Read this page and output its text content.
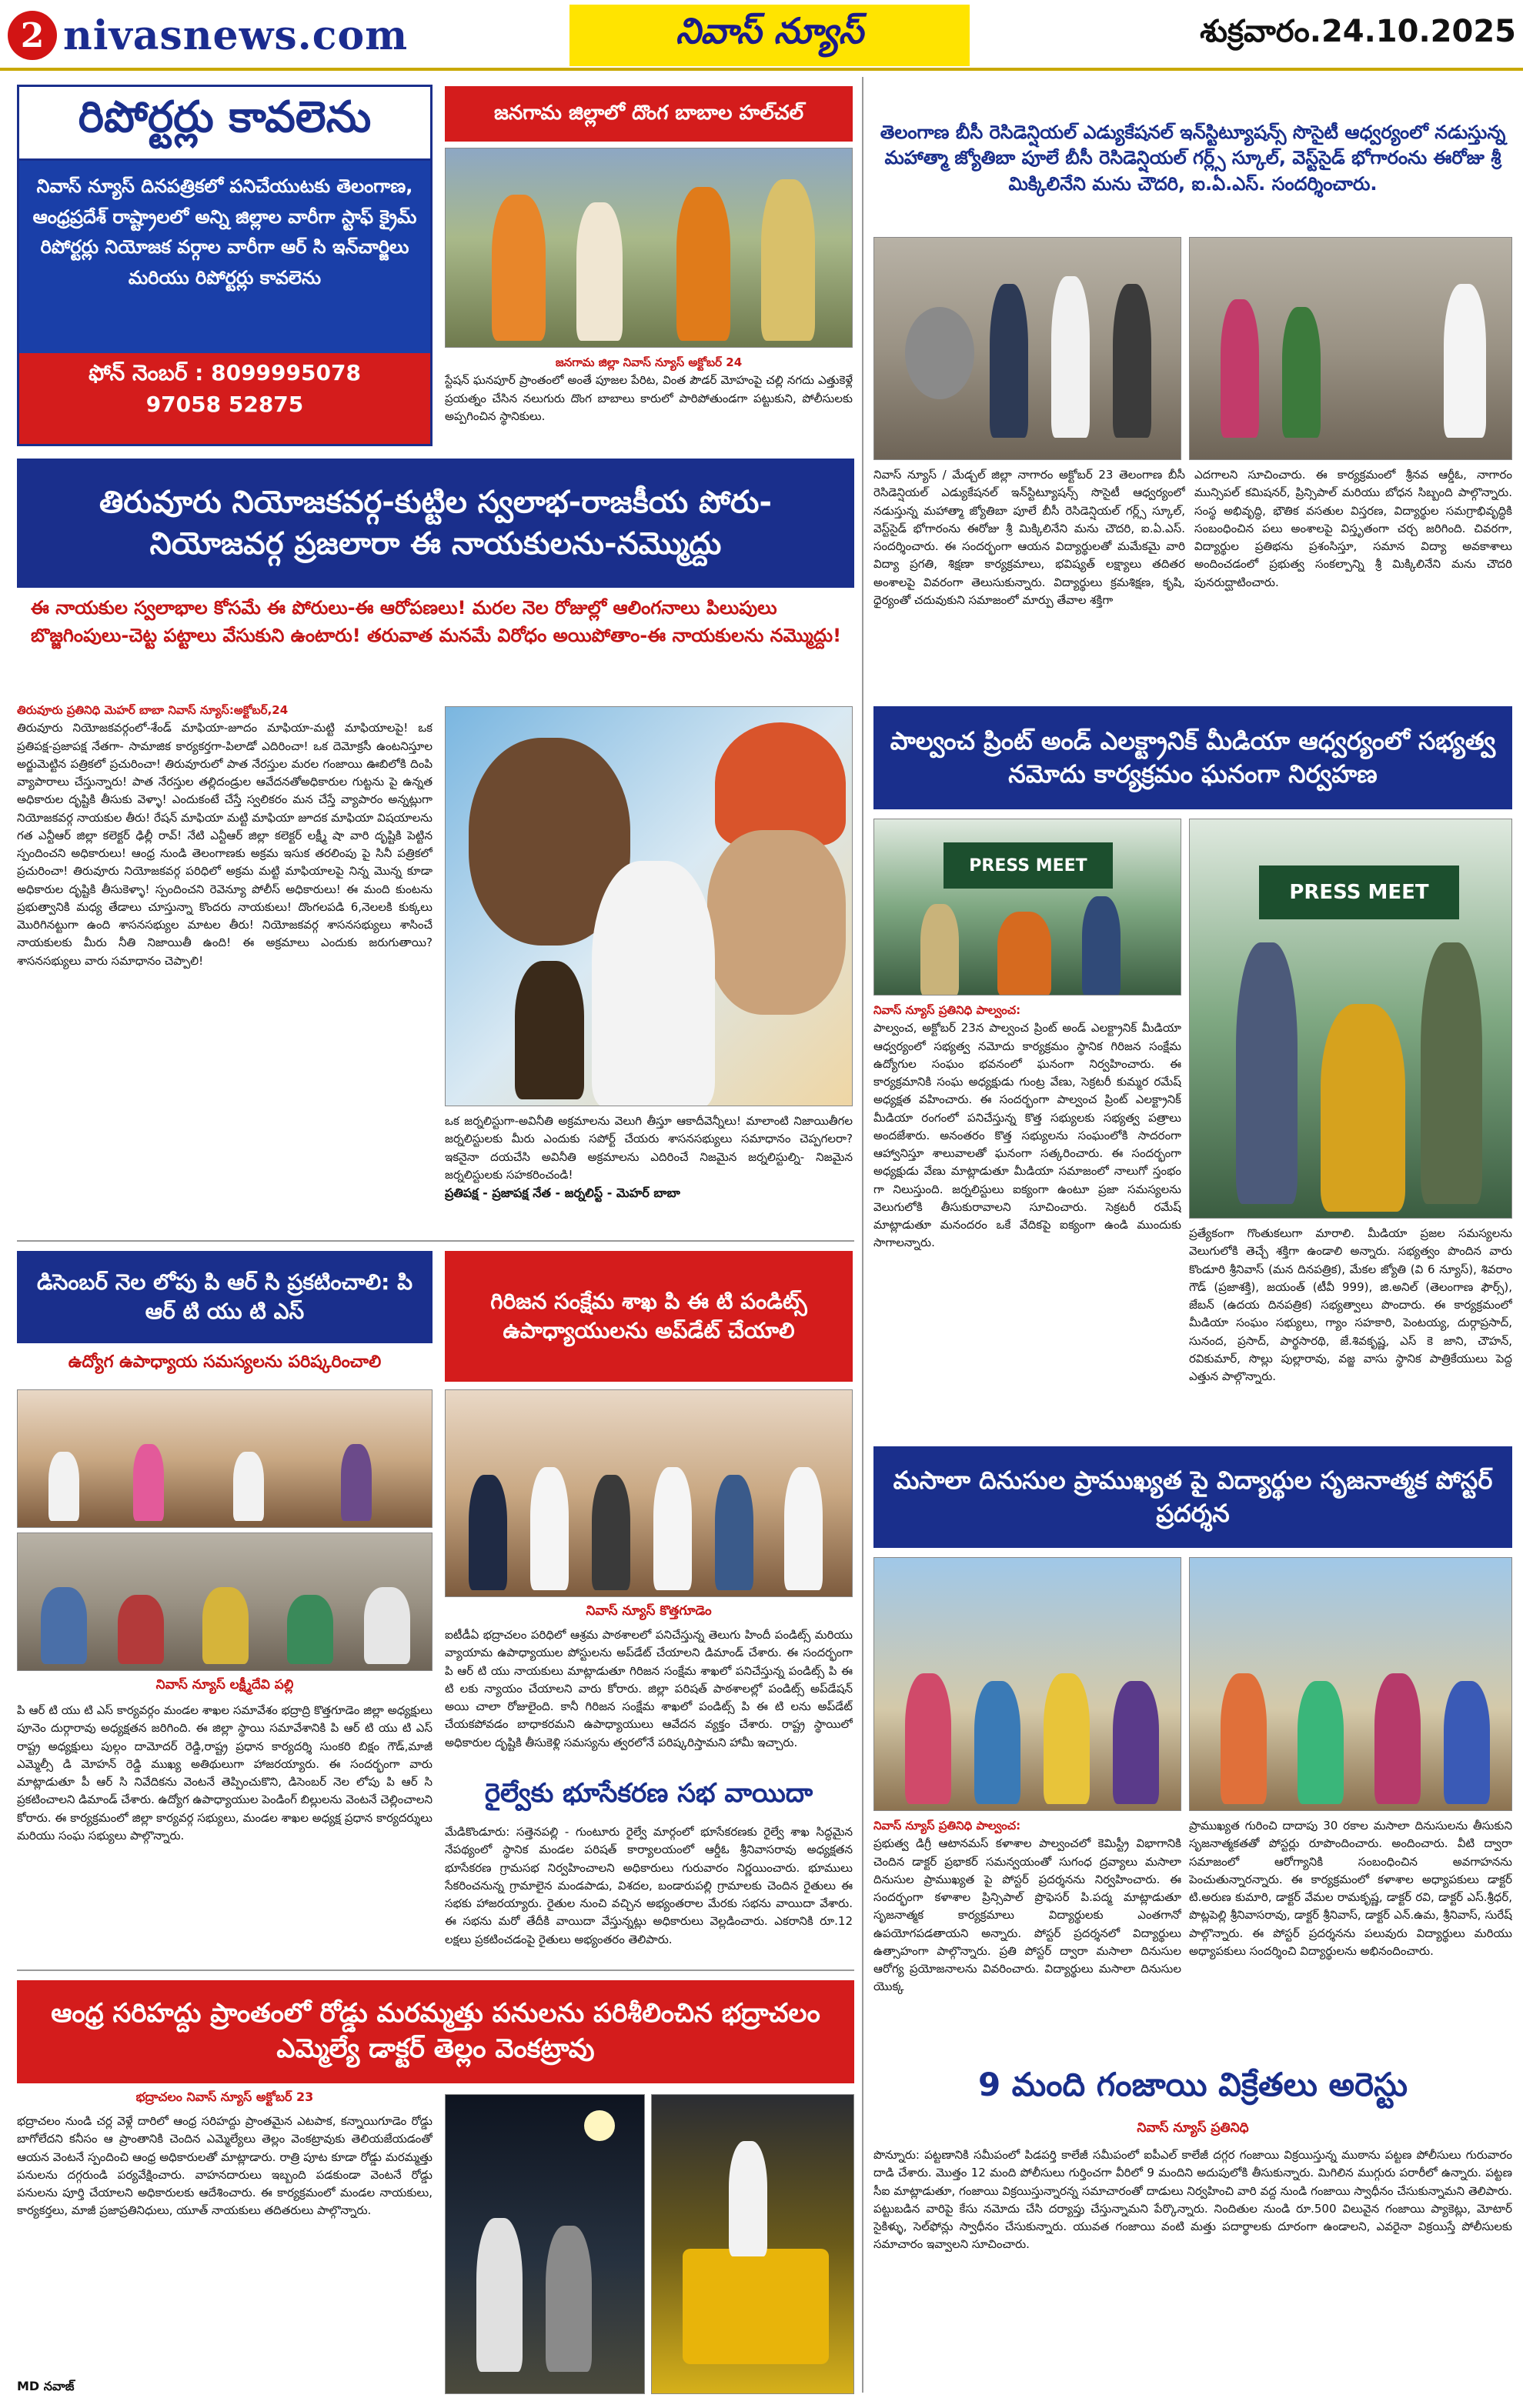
2 nivasnews.com	నివాస్ న్యూస్	శుక్రవారం.24.10.2025
రిపోర్టర్లు కావలెను
నివాస్ న్యూస్ దినపత్రికలో పనిచేయుటకు తెలంగాణ, ఆంధ్రప్రదేశ్ రాష్ట్రాలలో అన్ని జిల్లాల వారీగా స్టాఫ్ క్రైమ్ రిపోర్టర్లు నియోజక వర్గాల వారీగా ఆర్ సి ఇన్‌చార్జిలు మరియు రిపోర్టర్లు కావలెను
ఫోన్ నెంబర్ : 8099995078
97058 52875
జనగామ జిల్లాలో దొంగ బాబాల హల్‌చల్
జనగామ జిల్లా నివాస్ న్యూస్ అక్టోబర్ 24
స్టేషన్ ఘనపూర్ ప్రాంతంలో అంతే పూజల పేరిట, వింత పౌడర్ మోహంపై చల్లి నగదు ఎత్తుకెళ్లే ప్రయత్నం చేసిన నలుగురు దొంగ బాబాలు కారులో పారిపోతుండగా పట్టుకుని, పోలీసులకు అప్పగించిన స్థానికులు.
తెలంగాణ బీసీ రెసిడెన్షియల్ ఎడ్యుకేషనల్ ఇన్‌స్టిట్యూషన్స్ సొసైటీ ఆధ్వర్యంలో నడుస్తున్న మహాత్మా జ్యోతిబా పూలే బీసీ రెసిడెన్షియల్ గర్ల్స్ స్కూల్, వెస్ట్‌సైడ్ భోగారంను ఈరోజు శ్రీ మిక్కిలినేని మను చౌదరి, ఐ.ఏ.ఎస్. సందర్శించారు.
నివాస్ న్యూస్ / మేడ్చల్ జిల్లా నాగారం అక్టోబర్ 23 తెలంగాణ బీసీ రెసిడెన్షియల్ ఎడ్యుకేషనల్ ఇన్‌స్టిట్యూషన్స్ సొసైటీ ఆధ్వర్యంలో నడుస్తున్న మహాత్మా జ్యోతిబా పూలే బీసీ రెసిడెన్షియల్ గర్ల్స్ స్కూల్, వెస్ట్‌సైడ్ భోగారంను ఈరోజు శ్రీ మిక్కిలినేని మను చౌదరి, ఐ.ఏ.ఎస్. సందర్శించారు. ఈ సందర్భంగా ఆయన విద్యార్థులతో మమేకమై వారి విద్యా ప్రగతి, శిక్షణా కార్యక్రమాలు, భవిష్యత్ లక్ష్యాలు తదితర అంశాలపై వివరంగా తెలుసుకున్నారు. విద్యార్థులు క్రమశిక్షణ, కృషి, ధైర్యంతో చదువుకుని సమాజంలో మార్పు తేవాల శక్తిగా
ఎదగాలని సూచించారు. ఈ కార్యక్రమంలో శ్రీనవ ఆర్డీఓ, నాగారం మున్సిపల్ కమిషనర్, ప్రిన్సిపాల్ మరియు బోధన సిబ్బంది పాల్గొన్నారు. సంస్థ అభివృద్ధి, భౌతిక వసతుల విస్తరణ, విద్యార్థుల సమగ్రాభివృద్ధికి సంబంధించిన పలు అంశాలపై విస్తృతంగా చర్చ జరిగింది. చివరగా, విద్యార్థుల ప్రతిభను ప్రశంసిస్తూ, సమాన విద్యా అవకాశాలు అందించడంలో ప్రభుత్వ సంకల్పాన్ని శ్రీ మిక్కిలినేని మను చౌదరి పునరుద్ఘాటించారు.
తిరువూరు నియోజకవర్గ-కుట్టిల స్వలాభ-రాజకీయ పోరు- నియోజవర్గ ప్రజలారా ఈ నాయకులను-నమ్మొద్దు
ఈ నాయకుల స్వలాభాల కోసమే ఈ పోరులు-ఈ ఆరోపణలు! మరల నెల రోజుల్లో ఆలింగనాలు పిలుపులు బొజ్జగింపులు-చెట్ట పట్టాలు వేసుకుని ఉంటారు! తరువాత మనమే విరోధం అయిపోతాం-ఈ నాయకులను నమ్మొద్దు!
తిరువూరు ప్రతినిధి మెహర్ బాబా నివాస్ న్యూస్:అక్టోబర్,24
తిరువూరు నియోజకవర్గంలో-శేండ్ మాఫియా-జూదం మాఫియా-మట్టి మాఫియాలపై! ఒక ప్రతిపక్ష-ప్రజాపక్ష నేతగా- సామాజిక కార్యకర్తగా-పిలాడో ఎదిరించా! ఒక దెమోక్రసీ ఉంటనిస్తూల అర్జుమెట్టిన పత్రికలో ప్రచురించా! తిరువూరులో పాత నేరస్తుల మరల గంజాయి ఊబిలోకి దింపి వ్యాపారాలు చేస్తున్నారు! పాత నేరస్తుల తల్లిదండ్రుల ఆవేదనతోఅధికారుల గుట్టను పై ఉన్నత అధికారుల దృష్టికి తీసుకు వెళ్ళా! ఎందుకంటే చేస్తే స్వలికరం మన చేస్తే వ్యాపారం అన్నట్లుగా నియోజకవర్గ నాయకుల తీరు! రేషన్ మాఫియా మట్టి మాఫియా జూదక మాఫియా విషయాలను గత ఎన్టీఆర్ జిల్లా కలెక్టర్ ఢిల్లీ రావ్! నేటి ఎన్టీఆర్ జిల్లా కలెక్టర్ లక్ష్మీ షా వారి దృష్టికి పెట్టిన స్పందించని అధికారులు! ఆంధ్ర నుండి తెలంగాణకు అక్రమ ఇసుక తరలింపు పై సినీ పత్రికలో ప్రచురించా! తిరువూరు నియోజకవర్గ పరిధిలో అక్రమ మట్టి మాఫియాలపై నిన్న మొన్న కూడా అధికారుల దృష్టికి తీసుకెళ్ళా! స్పందించని రెవెన్యూ పోలీస్ అధికారులు! ఈ మంది కుంటను ప్రభుత్వానికి మధ్య తేడాలు చూస్తున్నా కొందరు నాయకులు! దొంగలపడి 6,నెలలకి కుక్కలు మొరిగినట్టుగా ఉంది శాసనసభ్యుల మాటల తీరు! నియోజకవర్గ శాసనసభ్యులు శాసించే నాయకులకు మీరు నీతి నిజాయితీ ఉంది! ఈ అక్రమాలు ఎందుకు జరుగుతాయి? శాసనసభ్యులు వారు సమాధానం చెప్పాలి!
ఒక జర్నలిస్టుగా-అవినీతి అక్రమాలను వెలుగి తీస్తూ ఆకాదీవెన్నీలు! మాలాంటి నిజాయితీగల జర్నలిస్టులకు మీరు ఎందుకు సపోర్ట్ చేయరు శాసనసభ్యులు సమాధానం చెప్పగలరా? ఇకనైనా దయచేసి అవినీతి అక్రమాలను ఎదిరించే నిజమైన జర్నలిస్టుల్ని- నిజమైన జర్నలిస్టులకు సహకరించండి!
ప్రతిపక్ష - ప్రజాపక్ష నేత - జర్నలిస్ట్ - మెహర్ బాబా
పాల్వంచ ప్రింట్ అండ్ ఎలక్ట్రానిక్ మీడియా ఆధ్వర్యంలో సభ్యత్వ నమోదు కార్యక్రమం ఘనంగా నిర్వహణ
PRESS MEET
PRESS MEET
నివాస్ న్యూస్ ప్రతినిధి పాల్వంచ:
పాల్వంచ, అక్టోబర్ 23న పాల్వంచ ప్రింట్ అండ్ ఎలక్ట్రానిక్ మీడియా ఆధ్వర్యంలో సభ్యత్వ నమోదు కార్యక్రమం స్థానిక గిరిజన సంక్షేమ ఉద్యోగుల సంఘం భవనంలో ఘనంగా నిర్వహించారు. ఈ కార్యక్రమానికి సంఘ అధ్యక్షుడు గుంట్ర వేణు, సెక్రటరీ కుమ్మర రమేష్ అధ్యక్షత వహించారు. ఈ సందర్భంగా పాల్వంచ ప్రింట్ ఎలక్ట్రానిక్ మీడియా రంగంలో పనిచేస్తున్న కొత్త సభ్యులకు సభ్యత్వ పత్రాలు అందజేశారు. అనంతరం కొత్త సభ్యులను సంఘంలోకి సాదరంగా ఆహ్వానిస్తూ శాలువాలతో ఘనంగా సత్కరించారు. ఈ సందర్భంగా అధ్యక్షుడు వేణు మాట్లాడుతూ మీడియా సమాజంలో నాలుగో స్తంభం గా నిలుస్తుంది. జర్నలిస్టులు ఐక్యంగా ఉంటూ ప్రజా సమస్యలను వెలుగులోకి తీసుకురావాలని సూచించారు. సెక్రటరీ రమేష్ మాట్లాడుతూ మనందరం ఒకే వేదికపై ఐక్యంగా ఉండి ముందుకు సాగాలన్నారు.
ప్రత్యేకంగా గొంతుకలుగా మారాలి. మీడియా ప్రజల సమస్యలను వెలుగులోకి తెచ్చే శక్తిగా ఉండాలి అన్నారు. సభ్యత్వం పొందిన వారు కొండూరి శ్రీనివాస్ (మన దినపత్రిక), మేకల జ్యోతి (వి 6 న్యూస్), శివరాం గౌడ్ (ప్రజాశక్తి), జయంత్ (టీవీ 999), జి.అనిల్ (తెలంగాణ ఫౌర్స్), జేబన్ (ఉదయ దినపత్రిక) సభ్యత్వాలు పొందారు. ఈ కార్యక్రమంలో మీడియా సంఘం సభ్యులు, గ్యాం సహకారి, పెంటయ్య, దుర్గాప్రసాద్, సునంద, ప్రసాద్, పార్థసారథి, జే.శివకృష్ణ, ఎస్ కె జాని, చౌహన్, రవికుమార్, సొల్లు పుల్లారావు, వజ్జ వాసు స్థానిక పాత్రికేయులు పెద్ద ఎత్తున పాల్గొన్నారు.
డిసెంబర్ నెల లోపు పి ఆర్ సి ప్రకటించాలి: పి ఆర్ టి యు టి ఎస్
ఉద్యోగ ఉపాధ్యాయ సమస్యలను పరిష్కరించాలి
నివాస్ న్యూస్ లక్ష్మీదేవి పల్లి
పి ఆర్ టి యు టి ఎస్ కార్యవర్గం మండల శాఖల సమావేశం భద్రాద్రి కొత్తగూడెం జిల్లా అధ్యక్షులు పూనెం దుర్గారావు అధ్యక్షతన జరిగింది. ఈ జిల్లా స్థాయి సమావేశానికి పి ఆర్ టి యు టి ఎస్ రాష్ట్ర అధ్యక్షులు పుల్గం దామోదర్ రెడ్డి,రాష్ట్ర ప్రధాన కార్యదర్శి సుంకరి బిక్షం గౌడ్,మాజీ ఎమ్మెల్సీ డి మోహన్ రెడ్డి ముఖ్య అతిథులుగా హాజరయ్యారు. ఈ సందర్భంగా వారు మాట్లాడుతూ పీ ఆర్ సి నివేదికను వెంటనే తెప్పించుకొని, డిసెంబర్ నెల లోపు పి ఆర్ సి ప్రకటించాలని డిమాండ్ చేశారు. ఉద్యోగ ఉపాధ్యాయుల పెండింగ్ బిల్లులను వెంటనే చెల్లించాలని కోరారు. ఈ కార్యక్రమంలో జిల్లా కార్యవర్గ సభ్యులు, మండల శాఖల అధ్యక్ష ప్రధాన కార్యదర్శులు మరియు సంఘ సభ్యులు పాల్గొన్నారు.
గిరిజన సంక్షేమ శాఖ పి ఈ టి పండిట్స్ ఉపాధ్యాయులను అప్‌డేట్ చేయాలి
నివాస్ న్యూస్ కొత్తగూడెం
ఐటీడీఏ భద్రాచలం పరిధిలో ఆశ్రమ పాఠశాలలో పనిచేస్తున్న తెలుగు హిందీ పండిట్స్ మరియు వ్యాయామ ఉపాధ్యాయుల పోస్టులను అప్‌డేట్ చేయాలని డిమాండ్ చేశారు. ఈ సందర్భంగా పి ఆర్ టి యు నాయకులు మాట్లాడుతూ గిరిజన సంక్షేమ శాఖలో పనిచేస్తున్న పండిట్స్ పి ఈ టి లకు న్యాయం చేయాలని వారు కోరారు. జిల్లా పరిషత్ పాఠశాలల్లో పండిట్స్ అప్‌డేషన్ అయి చాలా రోజులైంది. కానీ గిరిజన సంక్షేమ శాఖలో పండిట్స్ పి ఈ టి లను అప్‌డేట్ చేయకపోవడం బాధాకరమని ఉపాధ్యాయులు ఆవేదన వ్యక్తం చేశారు. రాష్ట్ర స్థాయిలో అధికారుల దృష్టికి తీసుకెళ్లి సమస్యను త్వరలోనే పరిష్కరిస్తామని హామీ ఇచ్చారు.
రైల్వేకు భూసేకరణ సభ వాయిదా
మేడికొండూరు: సత్తెనపల్లి - గుంటూరు రైల్వే మార్గంలో భూసేకరణకు రైల్వే శాఖ సిద్ధమైన నేపథ్యంలో స్థానిక మండల పరిషత్ కార్యాలయంలో ఆర్డీఓ శ్రీనివాసరావు అధ్యక్షతన భూసేకరణ గ్రామసభ నిర్వహించాలని అధికారులు గురువారం నిర్ణయించారు. భూములు సేకరించనున్న గ్రామాలైన మండపాడు, విశదల, బండారుపల్లి గ్రామాలకు చెందిన రైతులు ఈ సభకు హాజరయ్యారు. రైతుల నుంచి వచ్చిన అభ్యంతరాల మేరకు సభను వాయిదా వేశారు. ఈ సభను మరో తేదీకి వాయిదా వేస్తున్నట్లు అధికారులు వెల్లడించారు. ఎకరానికి రూ.12 లక్షలు ప్రకటించడంపై రైతులు అభ్యంతరం తెలిపారు.
మసాలా దినుసుల ప్రాముఖ్యత పై విద్యార్థుల సృజనాత్మక పోస్టర్ ప్రదర్శన
నివాస్ న్యూస్ ప్రతినిధి పాల్వంచ:
ప్రభుత్వ డిగ్రీ ఆటానమస్ కళాశాల పాల్వంచలో కెమిస్ట్రీ విభాగానికి చెందిన డాక్టర్ ప్రభాకర్ సమన్వయంతో సుగంధ ద్రవ్యాలు మసాలా దినుసుల ప్రాముఖ్యత పై పోస్టర్ ప్రదర్శనను నిర్వహించారు. ఈ సందర్భంగా కళాశాల ప్రిన్సిపాల్ ప్రొఫెసర్ పి.పద్మ మాట్లాడుతూ సృజనాత్మక కార్యక్రమాలు విద్యార్థులకు ఎంతగానో ఉపయోగపడతాయని అన్నారు. పోస్టర్ ప్రదర్శనలో విద్యార్థులు ఉత్సాహంగా పాల్గొన్నారు. ప్రతి పోస్టర్ ద్వారా మసాలా దినుసుల ఆరోగ్య ప్రయోజనాలను వివరించారు. విద్యార్థులు మసాలా దినుసుల యొక్క
ప్రాముఖ్యత గురించి దాదాపు 30 రకాల మసాలా దినుసులను తీసుకుని సృజనాత్మకతతో పోస్టర్లు రూపొందించారు. అందించారు. వీటి ద్వారా సమాజంలో ఆరోగ్యానికి సంబంధించిన అవగాహనను పెంచుతున్నారన్నారు. ఈ కార్యక్రమంలో కళాశాల అధ్యాపకులు డాక్టర్ టి.అరుణ కుమారి, డాక్టర్ వేమల రామకృష్ణ, డాక్టర్ రవి, డాక్టర్ ఎస్.శ్రీధర్, పొట్లపెల్లి శ్రీనివాసరావు, డాక్టర్ శ్రీనివాస్, డాక్టర్ ఎన్.ఉమ, శ్రీనివాస్, సురేష్ పాల్గొన్నారు. ఈ పోస్టర్ ప్రదర్శనను పలువురు విద్యార్థులు మరియు అధ్యాపకులు సందర్శించి విద్యార్థులను అభినందించారు.
ఆంధ్ర సరిహద్దు ప్రాంతంలో రోడ్డు మరమ్మత్తు పనులను పరిశీలించిన భద్రాచలం ఎమ్మెల్యే డాక్టర్ తెల్లం వెంకట్రావు
భద్రాచలం నివాస్ న్యూస్ అక్టోబర్ 23
భద్రాచలం నుండి చర్ల వెళ్లే దారిలో ఆంధ్ర సరిహద్దు ప్రాంతమైన ఎటపాక, కన్నాయిగూడెం రోడ్డు బాగోలేదని కనీసం ఆ ప్రాంతానికి చెందిన ఎమ్మెల్యేలు తెల్లం వెంకట్రావుకు తెలియజేయడంతో ఆయన వెంటనే స్పందించి ఆంధ్ర అధికారులతో మాట్లాడారు. రాత్రి పూట కూడా రోడ్డు మరమ్మత్తు పనులను దగ్గరుండి పర్యవేక్షించారు. వాహనదారులు ఇబ్బంది పడకుండా వెంటనే రోడ్డు పనులను పూర్తి చేయాలని అధికారులకు ఆదేశించారు. ఈ కార్యక్రమంలో మండల నాయకులు, కార్యకర్తలు, మాజీ ప్రజాప్రతినిధులు, యూత్ నాయకులు తదితరులు పాల్గొన్నారు.
MD నవాజ్
9 మంది గంజాయి విక్రేతలు అరెస్టు
నివాస్ న్యూస్ ప్రతినిధి
పొన్నూరు: పట్టణానికి సమీపంలో పిడపర్తి కాలేజీ సమీపంలో ఐపీఎల్ కాలేజీ దగ్గర గంజాయి విక్రయిస్తున్న ముఠాను పట్టణ పోలీసులు గురువారం దాడి చేశారు. మొత్తం 12 మంది పోలీసులు గుర్తించగా వీరిలో 9 మందిని అదుపులోకి తీసుకున్నారు. మిగిలిన ముగ్గురు పరారీలో ఉన్నారు. పట్టణ సీఐ మాట్లాడుతూ, గంజాయి విక్రయిస్తున్నారన్న సమాచారంతో దాడులు నిర్వహించి వారి వద్ద నుండి గంజాయి స్వాధీనం చేసుకున్నామని తెలిపారు. పట్టుబడిన వారిపై కేసు నమోదు చేసి దర్యాప్తు చేస్తున్నామని పేర్కొన్నారు. నిందితుల నుండి రూ.500 విలువైన గంజాయి ప్యాకెట్లు, మోటార్ సైకిళ్ళు, సెల్‌ఫోన్లు స్వాధీనం చేసుకున్నారు. యువత గంజాయి వంటి మత్తు పదార్థాలకు దూరంగా ఉండాలని, ఎవరైనా విక్రయిస్తే పోలీసులకు సమాచారం ఇవ్వాలని సూచించారు.
